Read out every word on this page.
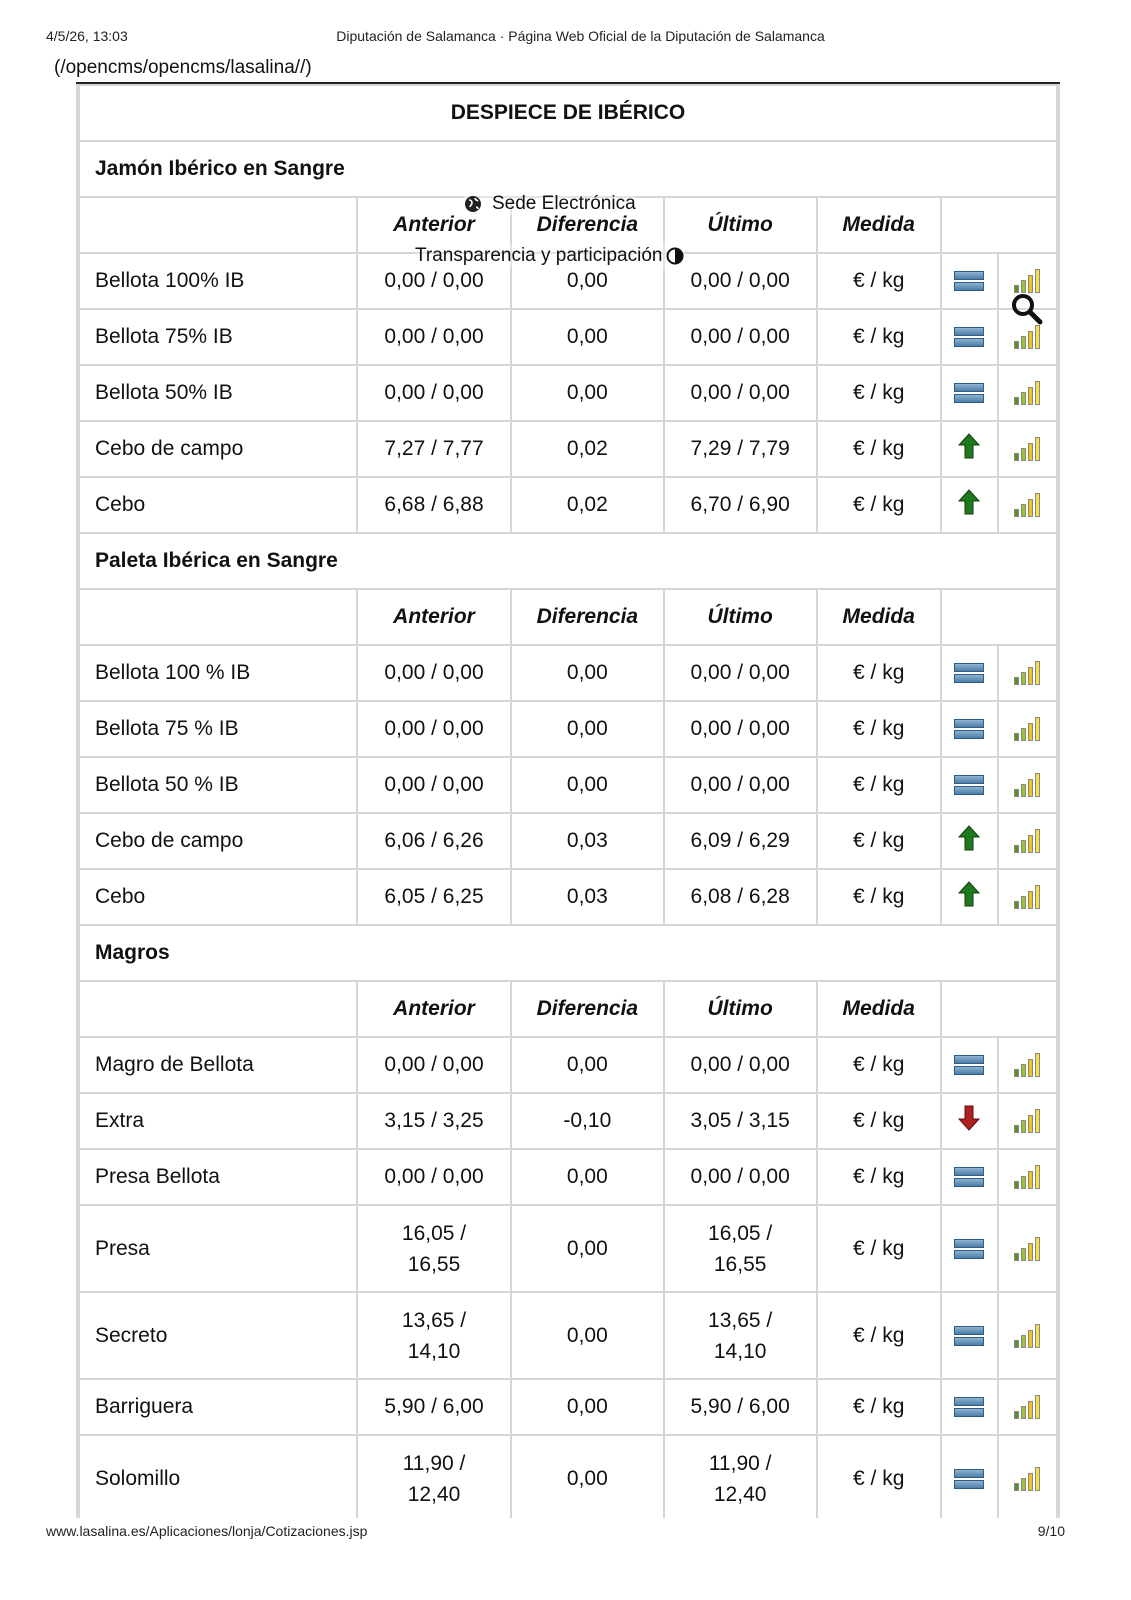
4/5/26, 13:03	Diputación de Salamanca · Página Web Oficial de la Diputación de Salamanca
(/opencms/opencms/lasalina//)
DESPIECE DE IBÉRICO						
Jamón Ibérico en Sangre						
	Anterior	Diferencia	Último	Medida		
Bellota 100% IB	0,00 / 0,00	0,00	0,00 / 0,00	€ / kg	

Bellota 75% IB	0,00 / 0,00	0,00	0,00 / 0,00	€ / kg	

Bellota 50% IB	0,00 / 0,00	0,00	0,00 / 0,00	€ / kg	

Cebo de campo	7,27 / 7,77	0,02	7,29 / 7,79	€ / kg		

Cebo	6,68 / 6,88	0,02	6,70 / 6,90	€ / kg		

Paleta Ibérica en Sangre						
	Anterior	Diferencia	Último	Medida		
Bellota 100 % IB	0,00 / 0,00	0,00	0,00 / 0,00	€ / kg	

Bellota 75 % IB	0,00 / 0,00	0,00	0,00 / 0,00	€ / kg	

Bellota 50 % IB	0,00 / 0,00	0,00	0,00 / 0,00	€ / kg	

Cebo de campo	6,06 / 6,26	0,03	6,09 / 6,29	€ / kg		

Cebo	6,05 / 6,25	0,03	6,08 / 6,28	€ / kg		

Magros						
	Anterior	Diferencia	Último	Medida		
Magro de Bellota	0,00 / 0,00	0,00	0,00 / 0,00	€ / kg	

Extra	3,15 / 3,25	-0,10	3,05 / 3,15	€ / kg		

Presa Bellota	0,00 / 0,00	0,00	0,00 / 0,00	€ / kg	

Presa	16,05 / 16,55	0,00	16,05 / 16,55	€ / kg	

Secreto	13,65 / 14,10	0,00	13,65 / 14,10	€ / kg	

Barriguera	5,90 / 6,00	0,00	5,90 / 6,00	€ / kg	

Solomillo	11,90 / 12,40	0,00	11,90 / 12,40	€ / kg	

Sede Electrónica
Transparencia y participación
www.lasalina.es/Aplicaciones/lonja/Cotizaciones.jsp	9/10
